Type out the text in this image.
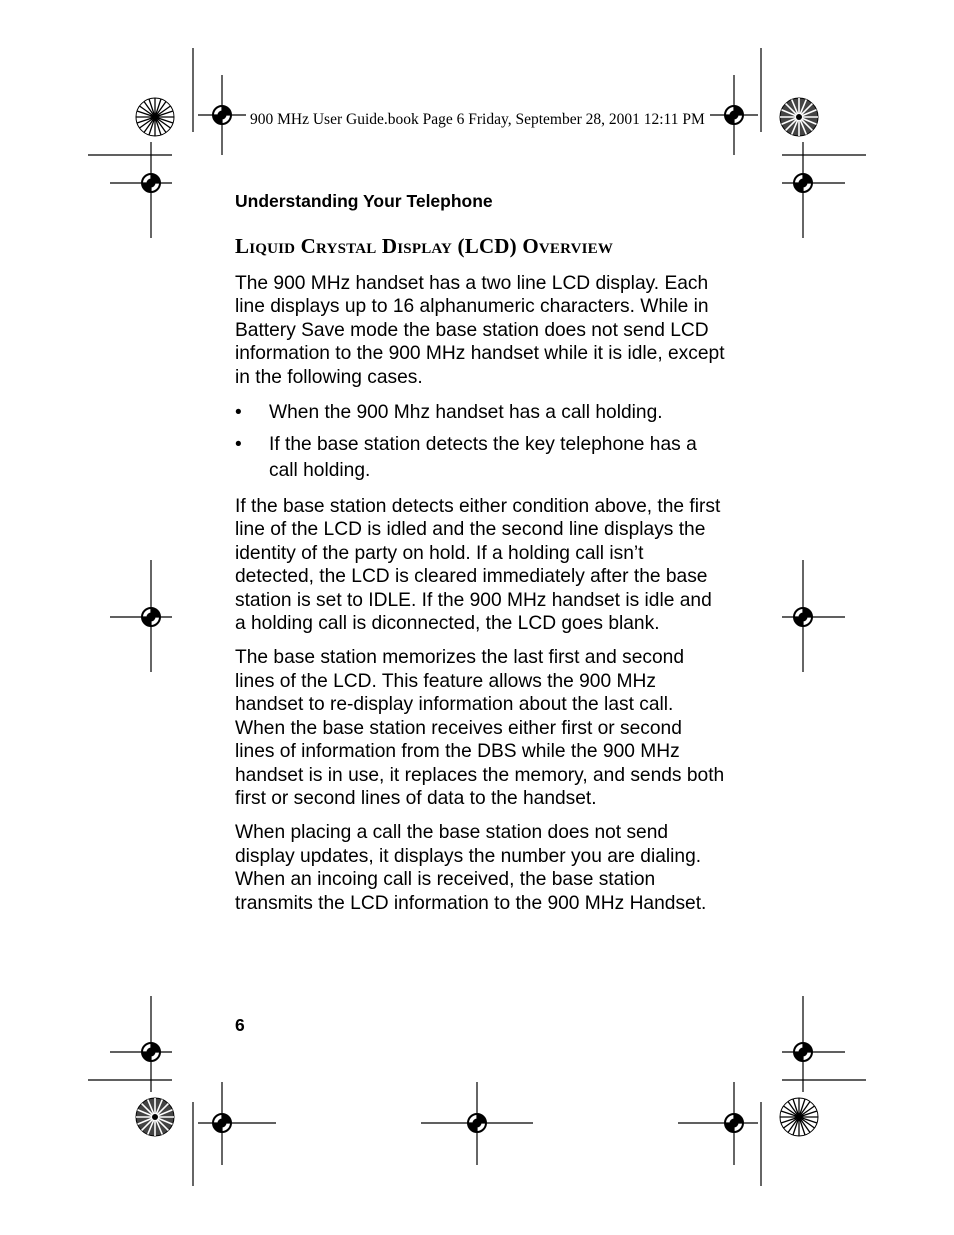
900 MHz User Guide.book Page 6 Friday, September 28, 2001 12:11 PM
Understanding Your Telephone
Liquid Crystal Display (LCD) Overview

The 900 MHz handset has a two line LCD display. Each line displays up to 16 alphanumeric characters. While in Battery Save mode the base station does not send LCD information to the 900 MHz handset while it is idle, except in the following cases.

• When the 900 Mhz handset has a call holding.
• If the base station detects the key telephone has a call holding.

If the base station detects either condition above, the first line of the LCD is idled and the second line displays the identity of the party on hold. If a holding call isn’t detected, the LCD is cleared immediately after the base station is set to IDLE. If the 900 MHz handset is idle and a holding call is diconnected, the LCD goes blank.

The base station memorizes the last first and second lines of the LCD. This feature allows the 900 MHz handset to re-display information about the last call. When the base station receives either first or second lines of information from the DBS while the 900 MHz handset is in use, it replaces the memory, and sends both first or second lines of data to the handset.

When placing a call the base station does not send display updates, it displays the number you are dialing. When an incoing call is received, the base station transmits the LCD information to the 900 MHz Handset.

6
